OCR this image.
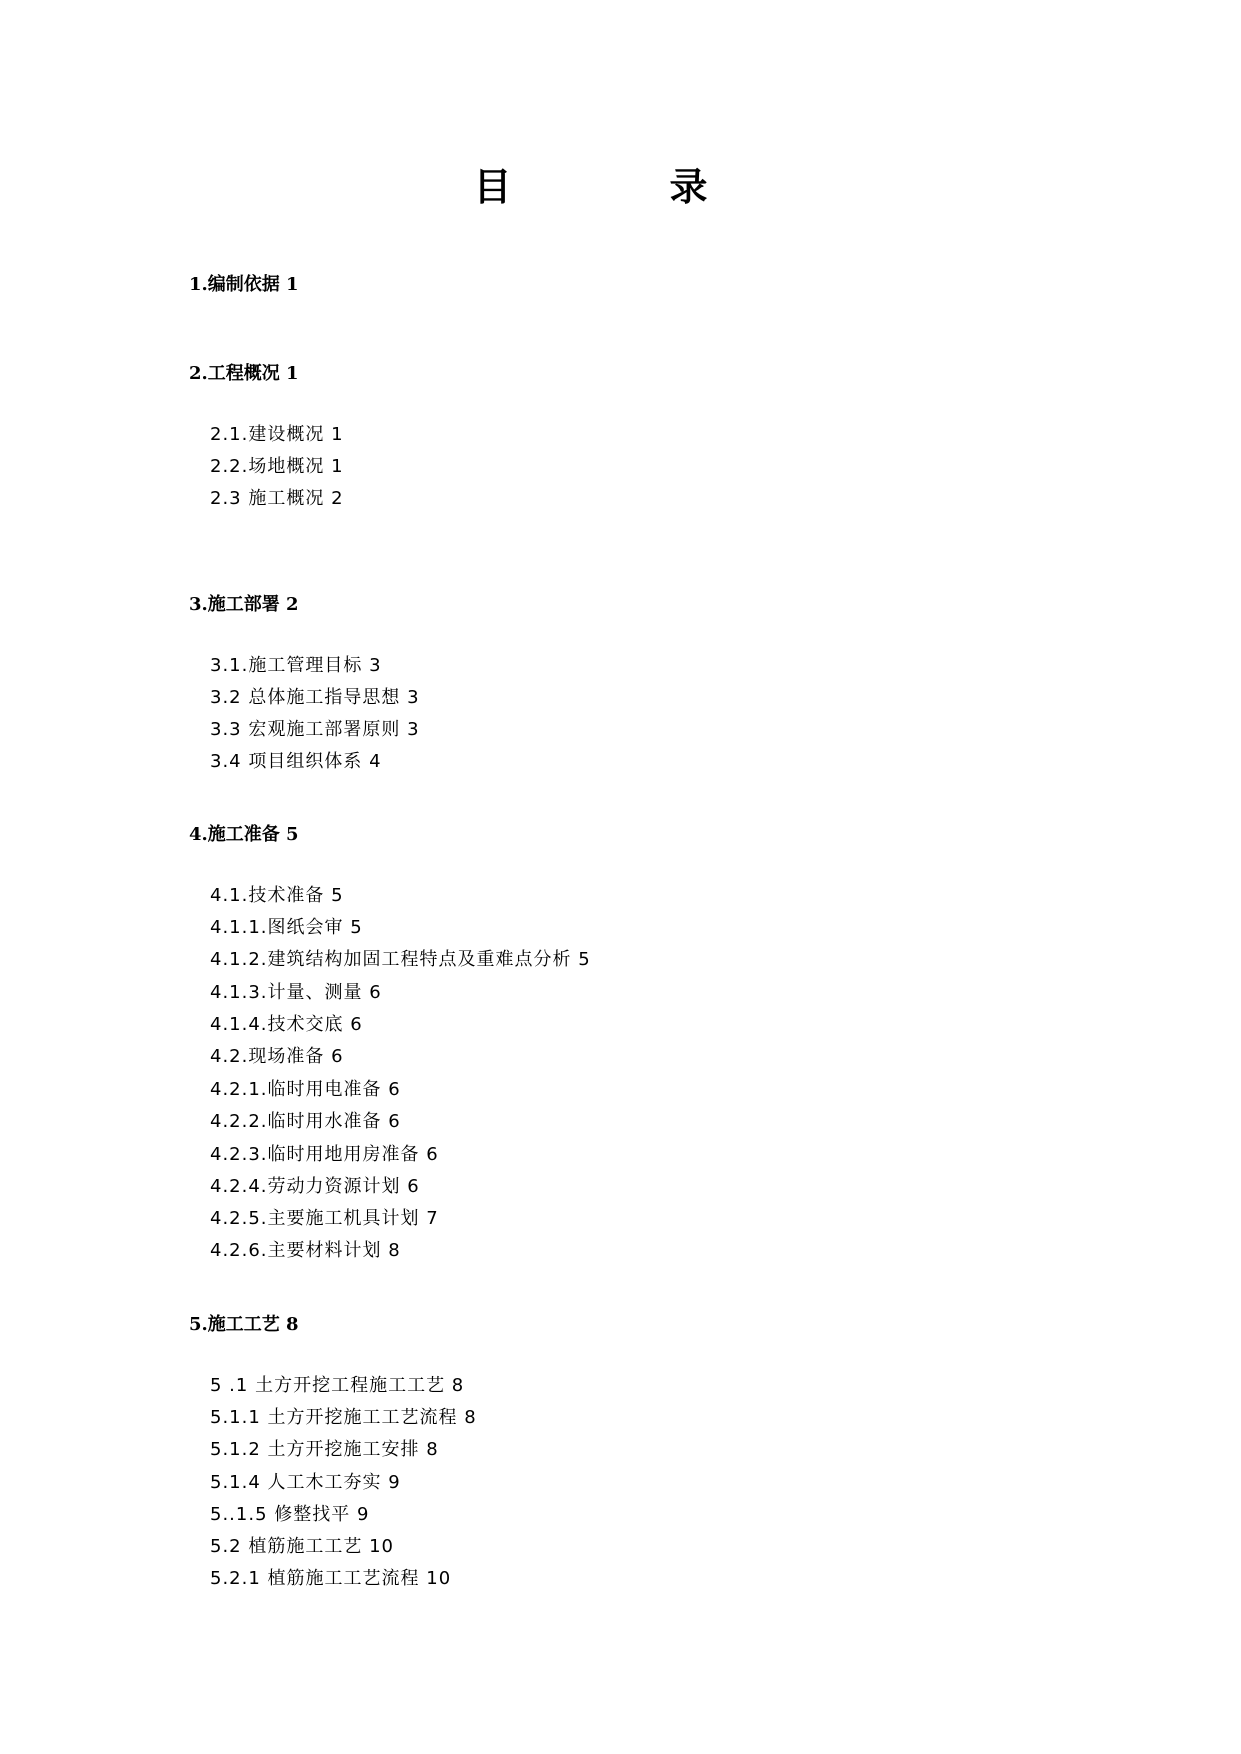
目　录
1.编制依据 1
2.工程概况 1
2.1.建设概况 1
2.2.场地概况 1
2.3 施工概况 2
3.施工部署 2
3.1.施工管理目标 3
3.2 总体施工指导思想 3
3.3 宏观施工部署原则 3
3.4 项目组织体系 4
4.施工准备 5
4.1.技术准备 5
4.1.1.图纸会审 5
4.1.2.建筑结构加固工程特点及重难点分析 5
4.1.3.计量、测量 6
4.1.4.技术交底 6
4.2.现场准备 6
4.2.1.临时用电准备 6
4.2.2.临时用水准备 6
4.2.3.临时用地用房准备 6
4.2.4.劳动力资源计划 6
4.2.5.主要施工机具计划 7
4.2.6.主要材料计划 8
5.施工工艺 8
5 .1 土方开挖工程施工工艺 8
5.1.1 土方开挖施工工艺流程 8
5.1.2 土方开挖施工安排 8
5.1.4 人工木工夯实 9
5..1.5 修整找平 9
5.2 植筋施工工艺 10
5.2.1 植筋施工工艺流程 10
